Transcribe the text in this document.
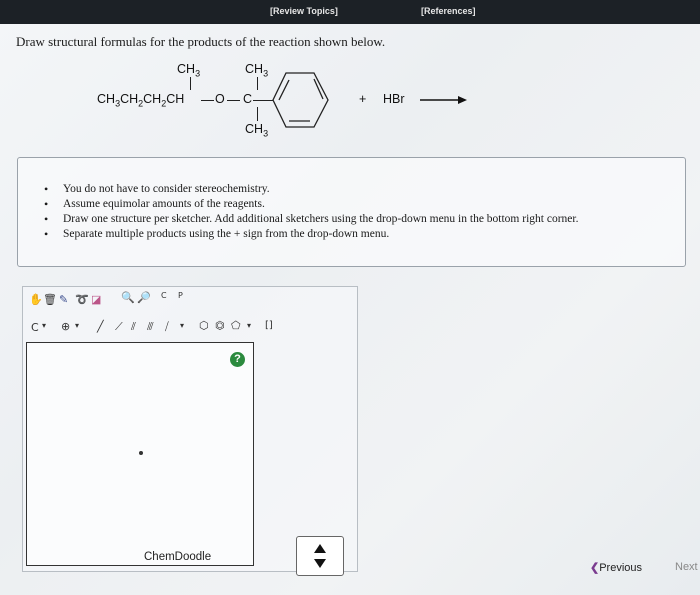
[Review Topics]	[References]
Draw structural formulas for the products of the reaction shown below.
$CH_3$	$CH_3$
$CH_3CH_2CH_2CH$ O C
$CH_3$
+ HBr →
• You do not have to consider stereochemistry.
• Assume equimolar amounts of the reagents.
• Draw one structure per sketcher. Add additional sketchers using the drop-down menu in the bottom right corner.
• Separate multiple products using the + sign from the drop-down menu.
✋ 🗑 ✎ ➰ ◪ 🔍 🔎 C P
C ▾ ⊕ ▾ ╱ ⟋ ⫽ ⫻ ⧸ ▾ ⬡ ⏣ ⬠ ▾ []
?
ChemDoodle
❮Previous	Next
